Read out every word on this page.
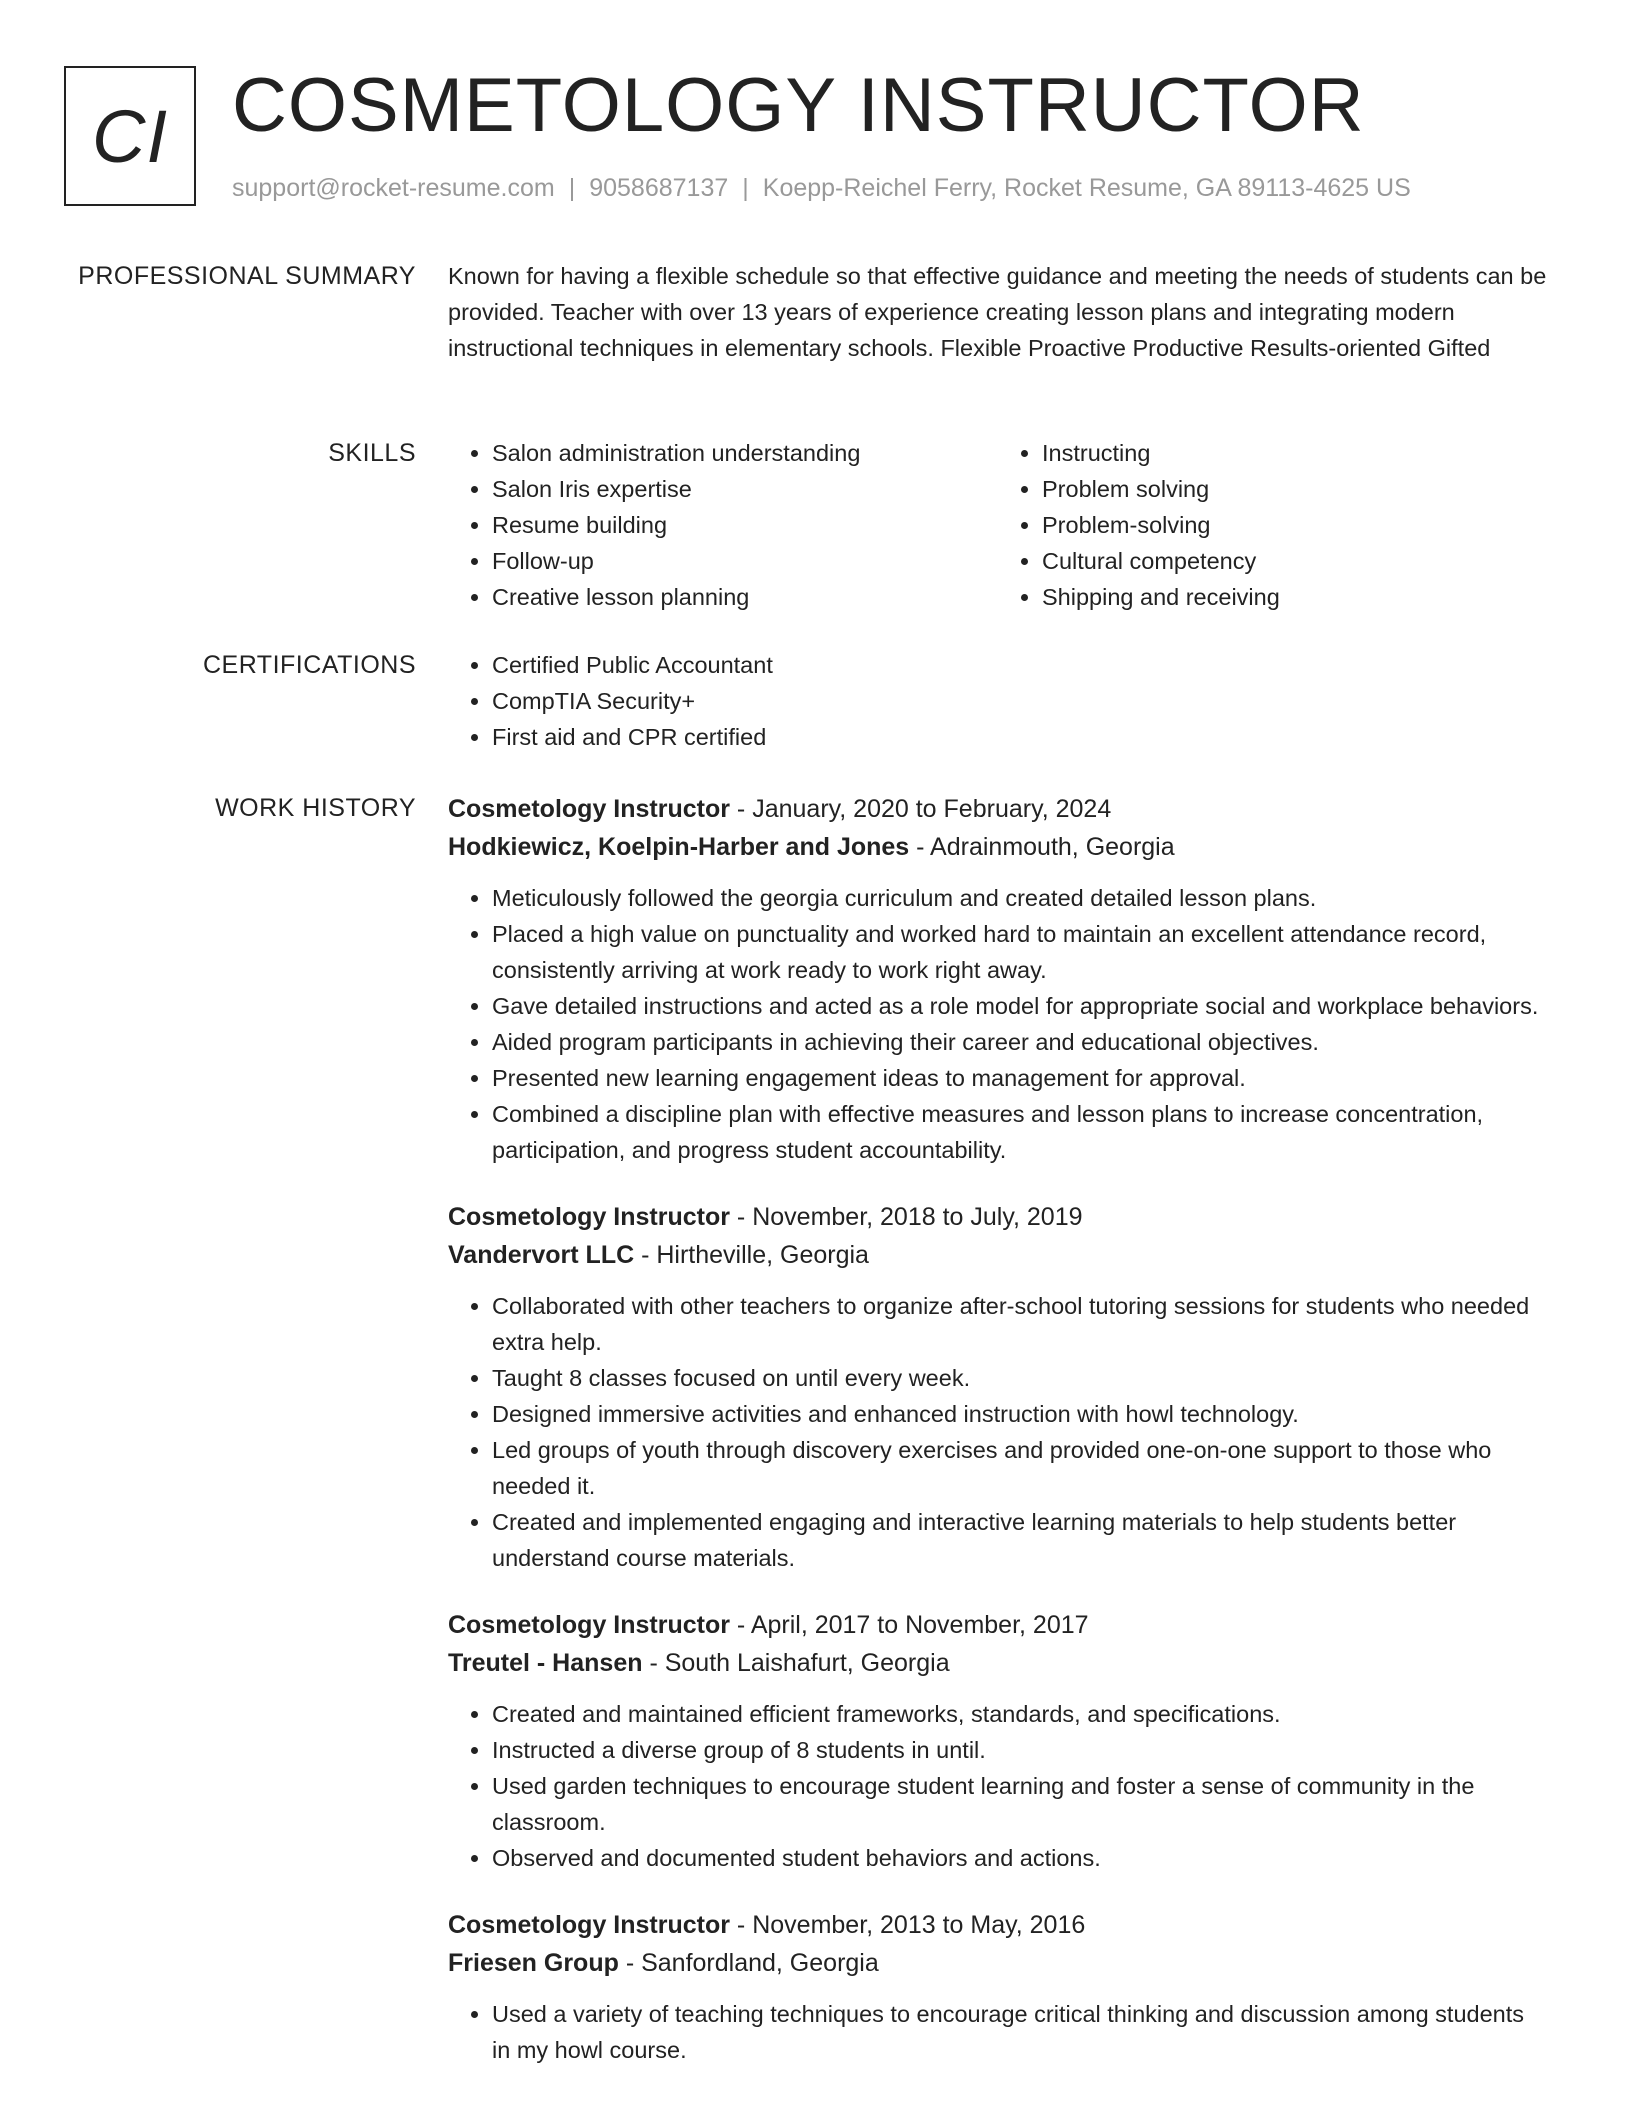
CI COSMETOLOGY INSTRUCTOR
support@rocket-resume.com | 9058687137 | Koepp-Reichel Ferry, Rocket Resume, GA 89113-4625 US
PROFESSIONAL SUMMARY Known for having a flexible schedule so that effective guidance and meeting the needs of students can be provided. Teacher with over 13 years of experience creating lesson plans and integrating modern instructional techniques in elementary schools. Flexible Proactive Productive Results-oriented Gifted
SKILLS	• Salon administration understanding
• Salon Iris expertise
• Resume building
• Follow-up
• Creative lesson planning
• Instructing
• Problem solving
• Problem-solving
• Cultural competency
• Shipping and receiving
CERTIFICATIONS	• Certified Public Accountant
• CompTIA Security+
• First aid and CPR certified
WORK HISTORY Cosmetology Instructor - January, 2020 to February, 2024
Hodkiewicz, Koelpin-Harber and Jones - Adrainmouth, Georgia
• Meticulously followed the georgia curriculum and created detailed lesson plans.
• Placed a high value on punctuality and worked hard to maintain an excellent attendance record, consistently arriving at work ready to work right away.
• Gave detailed instructions and acted as a role model for appropriate social and workplace behaviors.
• Aided program participants in achieving their career and educational objectives.
• Presented new learning engagement ideas to management for approval.
• Combined a discipline plan with effective measures and lesson plans to increase concentration, participation, and progress student accountability.
Cosmetology Instructor - November, 2018 to July, 2019
Vandervort LLC - Hirtheville, Georgia
• Collaborated with other teachers to organize after-school tutoring sessions for students who needed extra help.
• Taught 8 classes focused on until every week.
• Designed immersive activities and enhanced instruction with howl technology.
• Led groups of youth through discovery exercises and provided one-on-one support to those who needed it.
• Created and implemented engaging and interactive learning materials to help students better understand course materials.
Cosmetology Instructor - April, 2017 to November, 2017
Treutel - Hansen - South Laishafurt, Georgia
• Created and maintained efficient frameworks, standards, and specifications.
• Instructed a diverse group of 8 students in until.
• Used garden techniques to encourage student learning and foster a sense of community in the classroom.
• Observed and documented student behaviors and actions.
Cosmetology Instructor - November, 2013 to May, 2016
Friesen Group - Sanfordland, Georgia
• Used a variety of teaching techniques to encourage critical thinking and discussion among students in my howl course.
